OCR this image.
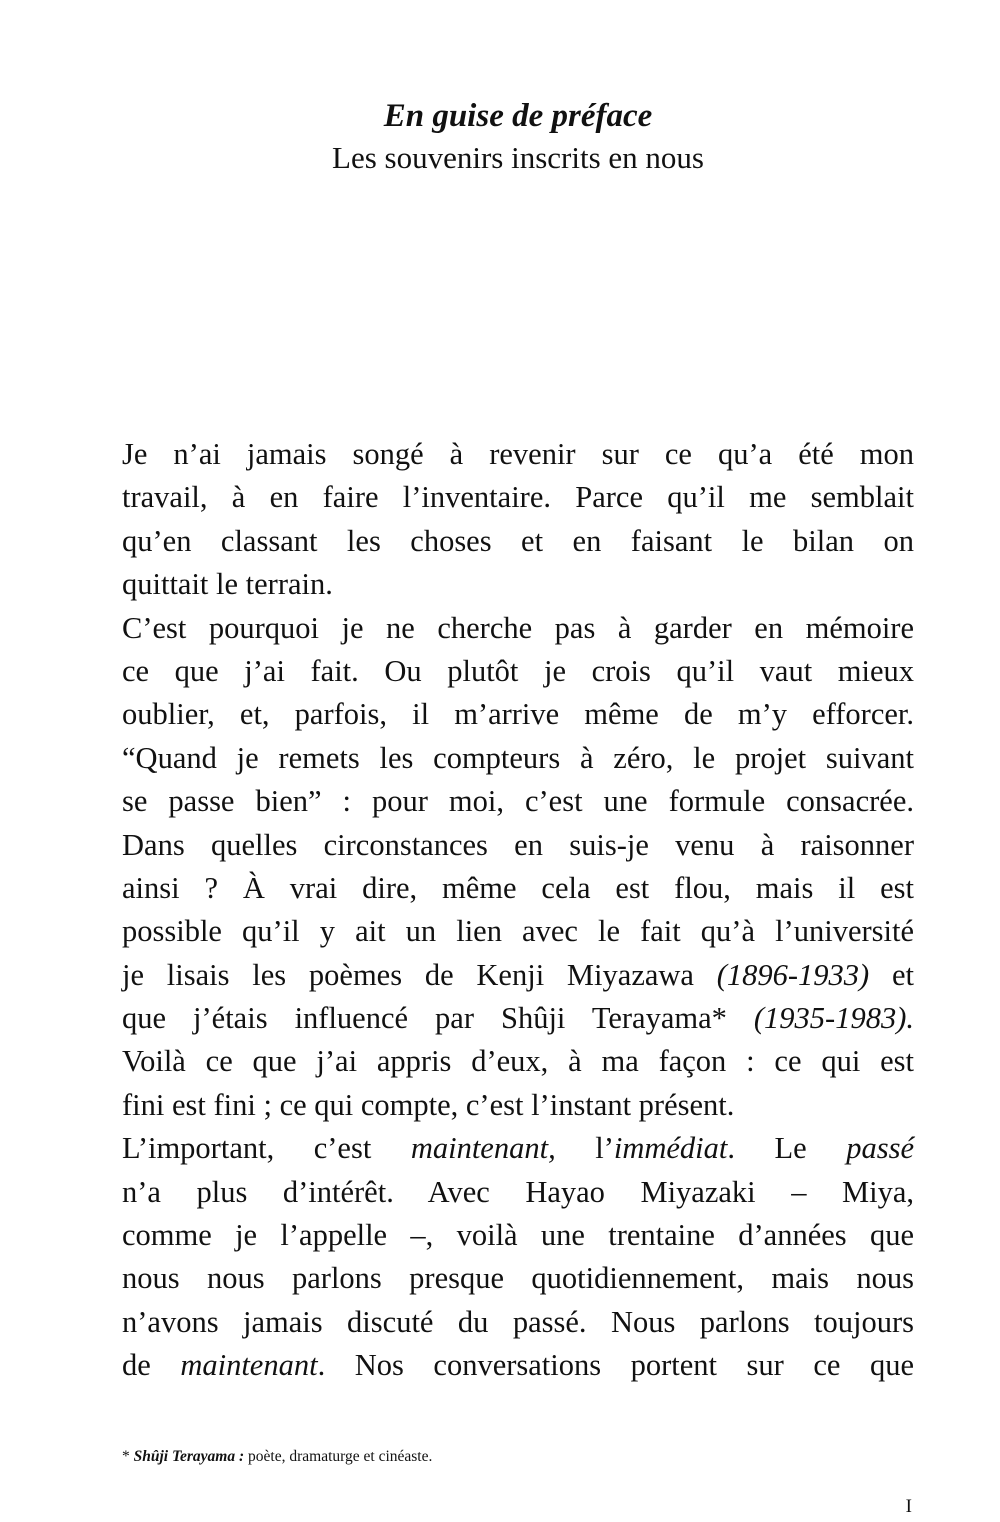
En guise de préface
Les souvenirs inscrits en nous
Je n’ai jamais songé à revenir sur ce qu’a été mon
travail, à en faire l’inventaire. Parce qu’il me semblait
qu’en classant les choses et en faisant le bilan on
quittait le terrain.
C’est pourquoi je ne cherche pas à garder en mémoire
ce que j’ai fait. Ou plutôt je crois qu’il vaut mieux
oublier, et, parfois, il m’arrive même de m’y efforcer.
“Quand je remets les compteurs à zéro, le projet suivant
se passe bien” : pour moi, c’est une formule consacrée.
Dans quelles circonstances en suis-je venu à raisonner
ainsi ? À vrai dire, même cela est flou, mais il est
possible qu’il y ait un lien avec le fait qu’à l’université
je lisais les poèmes de Kenji Miyazawa (1896-1933) et
que j’étais influencé par Shûji Terayama* (1935-1983).
Voilà ce que j’ai appris d’eux, à ma façon : ce qui est
fini est fini ; ce qui compte, c’est l’instant présent.
L’important, c’est maintenant, l’immédiat. Le passé
n’a plus d’intérêt. Avec Hayao Miyazaki – Miya,
comme je l’appelle –, voilà une trentaine d’années que
nous nous parlons presque quotidiennement, mais nous
n’avons jamais discuté du passé. Nous parlons toujours
de maintenant. Nos conversations portent sur ce que
* Shûji Terayama : poète, dramaturge et cinéaste.
I
